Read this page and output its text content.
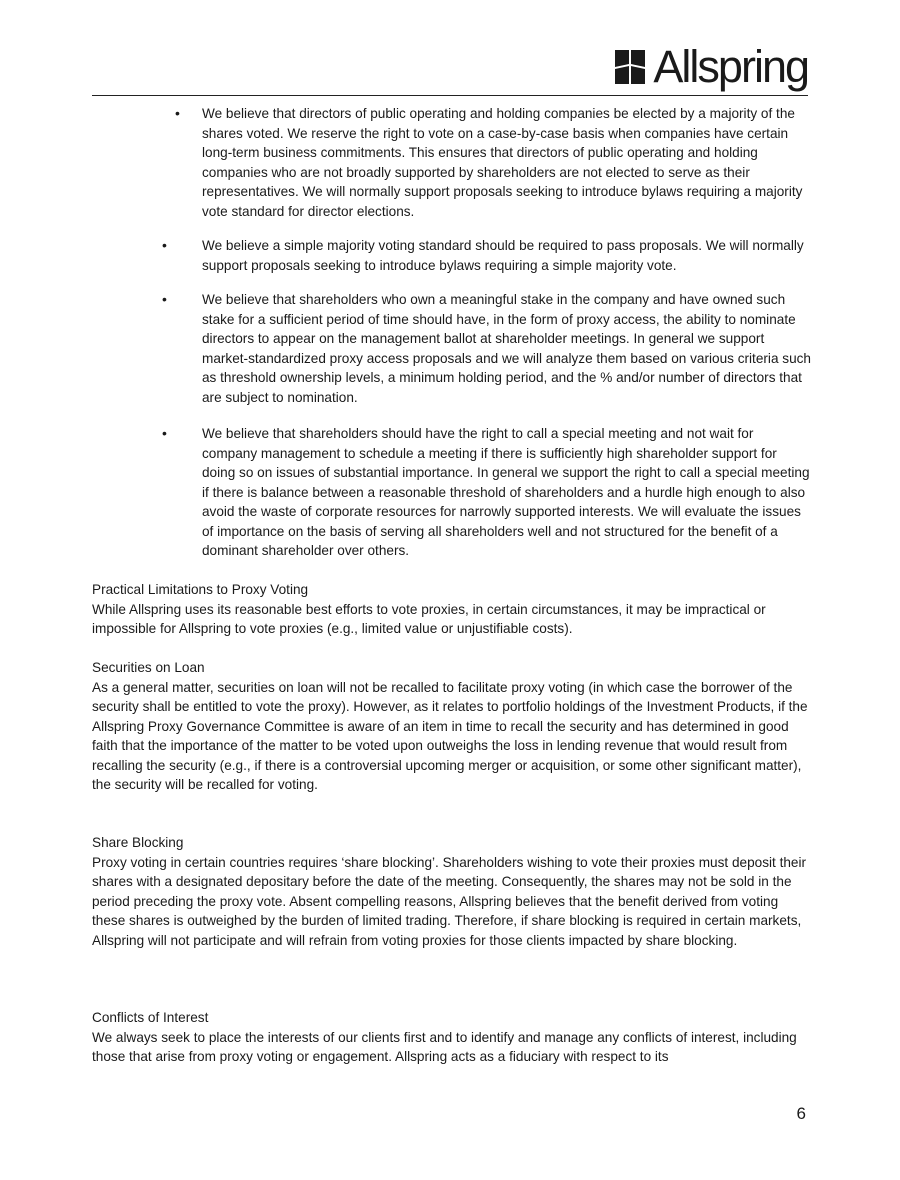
Allspring
• We believe that directors of public operating and holding companies be elected by a majority of the shares voted. We reserve the right to vote on a case-by-case basis when companies have certain long-term business commitments. This ensures that directors of public operating and holding companies who are not broadly supported by shareholders are not elected to serve as their representatives. We will normally support proposals seeking to introduce bylaws requiring a majority vote standard for director elections.
•	We believe a simple majority voting standard should be required to pass proposals. We will normally support proposals seeking to introduce bylaws requiring a simple majority vote.
•	We believe that shareholders who own a meaningful stake in the company and have owned such stake for a sufficient period of time should have, in the form of proxy access, the ability to nominate directors to appear on the management ballot at shareholder meetings. In general we support market-standardized proxy access proposals and we will analyze them based on various criteria such as threshold ownership levels, a minimum holding period, and the % and/or number of directors that are subject to nomination.
•	We believe that shareholders should have the right to call a special meeting and not wait for company management to schedule a meeting if there is sufficiently high shareholder support for doing so on issues of substantial importance. In general we support the right to call a special meeting if there is balance between a reasonable threshold of shareholders and a hurdle high enough to also avoid the waste of corporate resources for narrowly supported interests. We will evaluate the issues of importance on the basis of serving all shareholders well and not structured for the benefit of a dominant shareholder over others.
Practical Limitations to Proxy Voting
While Allspring uses its reasonable best efforts to vote proxies, in certain circumstances, it may be impractical or impossible for Allspring to vote proxies (e.g., limited value or unjustifiable costs).
Securities on Loan
As a general matter, securities on loan will not be recalled to facilitate proxy voting (in which case the borrower of the security shall be entitled to vote the proxy). However, as it relates to portfolio holdings of the Investment Products, if the Allspring Proxy Governance Committee is aware of an item in time to recall the security and has determined in good faith that the importance of the matter to be voted upon outweighs the loss in lending revenue that would result from recalling the security (e.g., if there is a controversial upcoming merger or acquisition, or some other significant matter), the security will be recalled for voting.
Share Blocking
Proxy voting in certain countries requires ‘share blocking’. Shareholders wishing to vote their proxies must deposit their shares with a designated depositary before the date of the meeting. Consequently, the shares may not be sold in the period preceding the proxy vote. Absent compelling reasons, Allspring believes that the benefit derived from voting these shares is outweighed by the burden of limited trading. Therefore, if share blocking is required in certain markets, Allspring will not participate and will refrain from voting proxies for those clients impacted by share blocking.
Conflicts of Interest
We always seek to place the interests of our clients first and to identify and manage any conflicts of interest, including those that arise from proxy voting or engagement. Allspring acts as a fiduciary with respect to its
6
